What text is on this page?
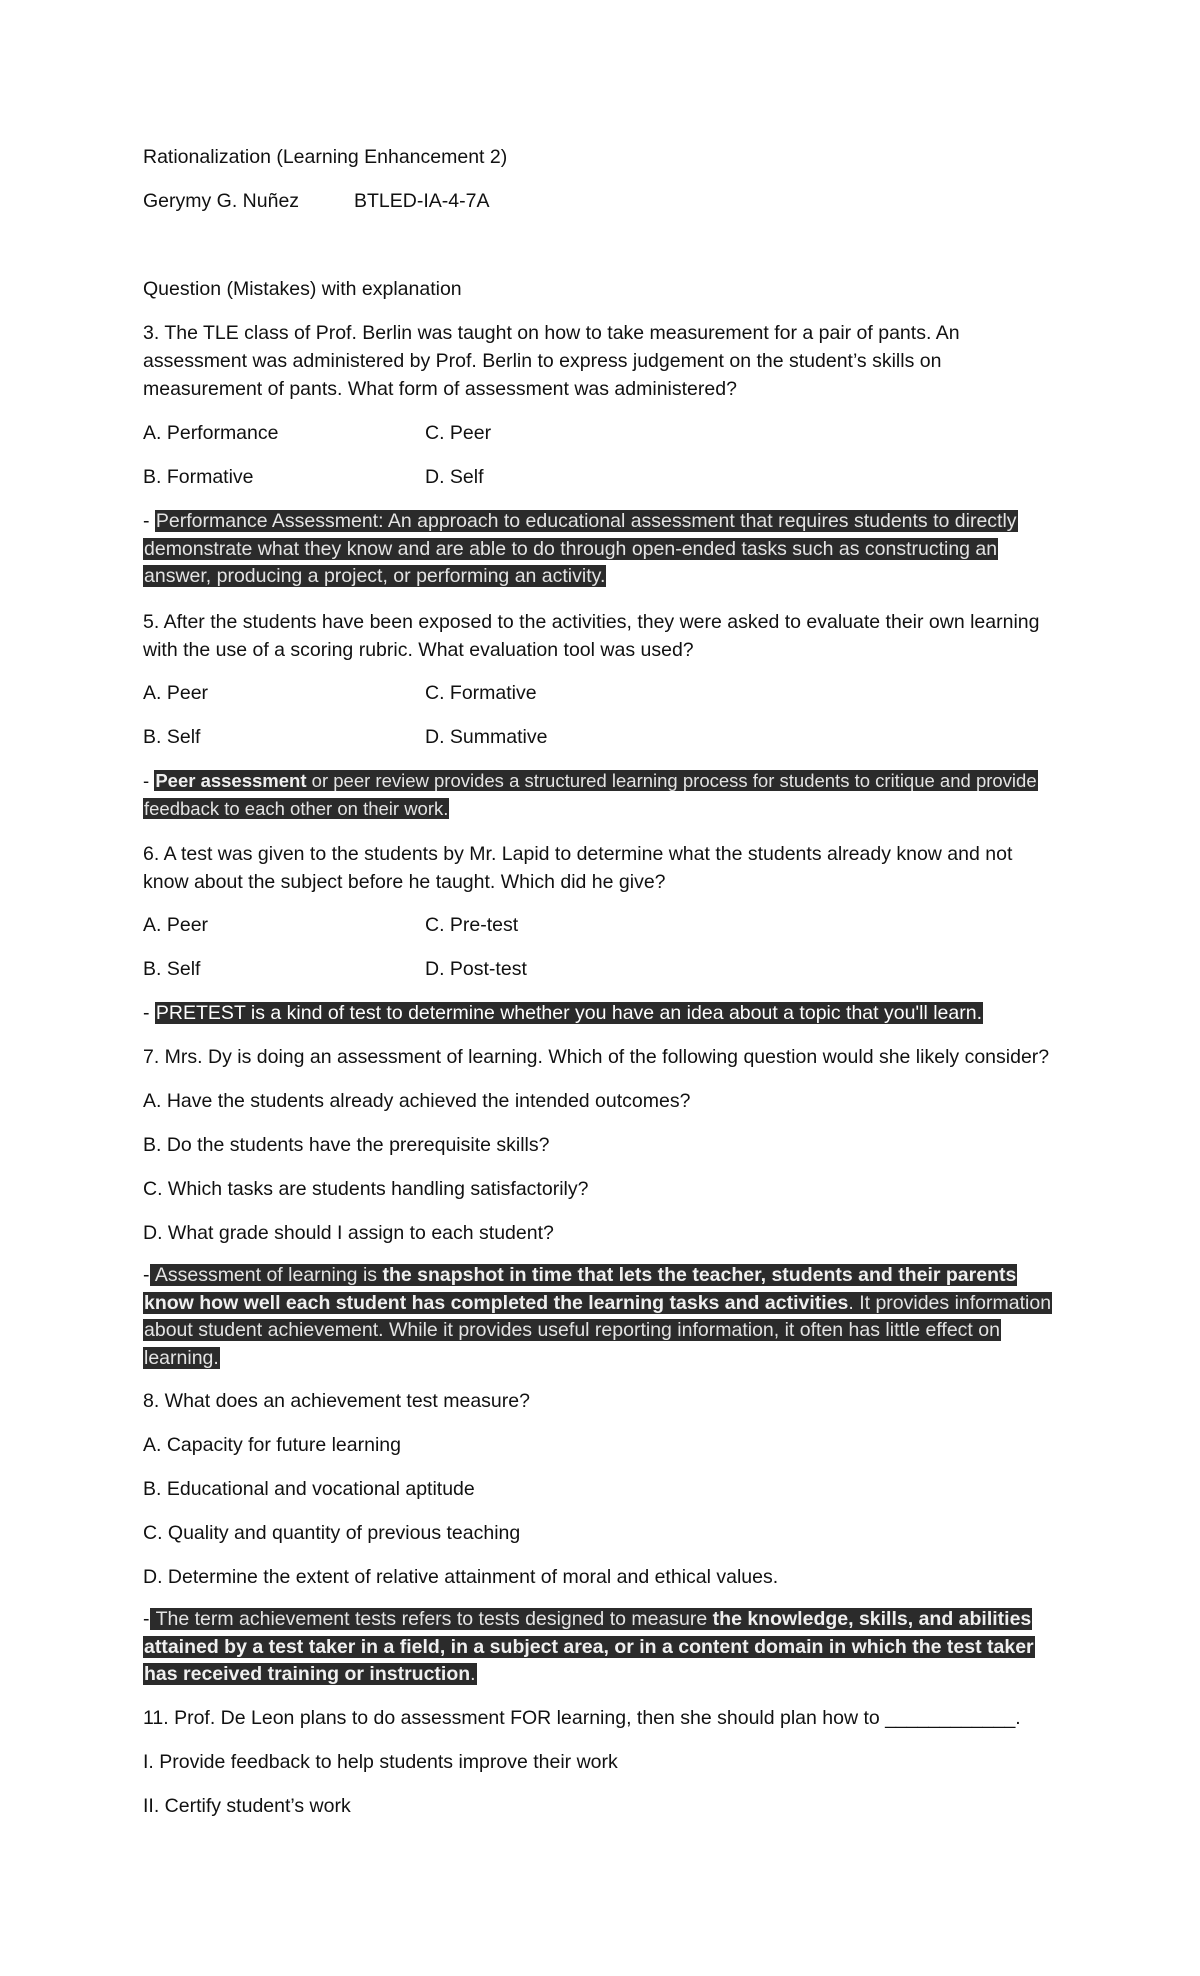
Rationalization (Learning Enhancement 2)
Gerymy G. Nuñez	BTLED-IA-4-7A
Question (Mistakes) with explanation
3. The TLE class of Prof. Berlin was taught on how to take measurement for a pair of pants. An
assessment was administered by Prof. Berlin to express judgement on the student’s skills on
measurement of pants. What form of assessment was administered?
A. Performance	C. Peer
B. Formative	D. Self
- Performance Assessment: An approach to educational assessment that requires students to directly demonstrate what they know and are able to do through open-ended tasks such as constructing an answer, producing a project, or performing an activity.
5. After the students have been exposed to the activities, they were asked to evaluate their own learning
with the use of a scoring rubric. What evaluation tool was used?
A. Peer	C. Formative
B. Self	D. Summative
- Peer assessment or peer review provides a structured learning process for students to critique and provide feedback to each other on their work.
6. A test was given to the students by Mr. Lapid to determine what the students already know and not
know about the subject before he taught. Which did he give?
A. Peer	C. Pre-test
B. Self	D. Post-test
- PRETEST is a kind of test to determine whether you have an idea about a topic that you'll learn.
7. Mrs. Dy is doing an assessment of learning. Which of the following question would she likely consider?
A. Have the students already achieved the intended outcomes?
B. Do the students have the prerequisite skills?
C. Which tasks are students handling satisfactorily?
D. What grade should I assign to each student?
- Assessment of learning is the snapshot in time that lets the teacher, students and their parents know how well each student has completed the learning tasks and activities. It provides information about student achievement. While it provides useful reporting information, it often has little effect on learning.
8. What does an achievement test measure?
A. Capacity for future learning
B. Educational and vocational aptitude
C. Quality and quantity of previous teaching
D. Determine the extent of relative attainment of moral and ethical values.
- The term achievement tests refers to tests designed to measure the knowledge, skills, and abilities attained by a test taker in a field, in a subject area, or in a content domain in which the test taker has received training or instruction.
11. Prof. De Leon plans to do assessment FOR learning, then she should plan how to ____________.
I. Provide feedback to help students improve their work
II. Certify student’s work
